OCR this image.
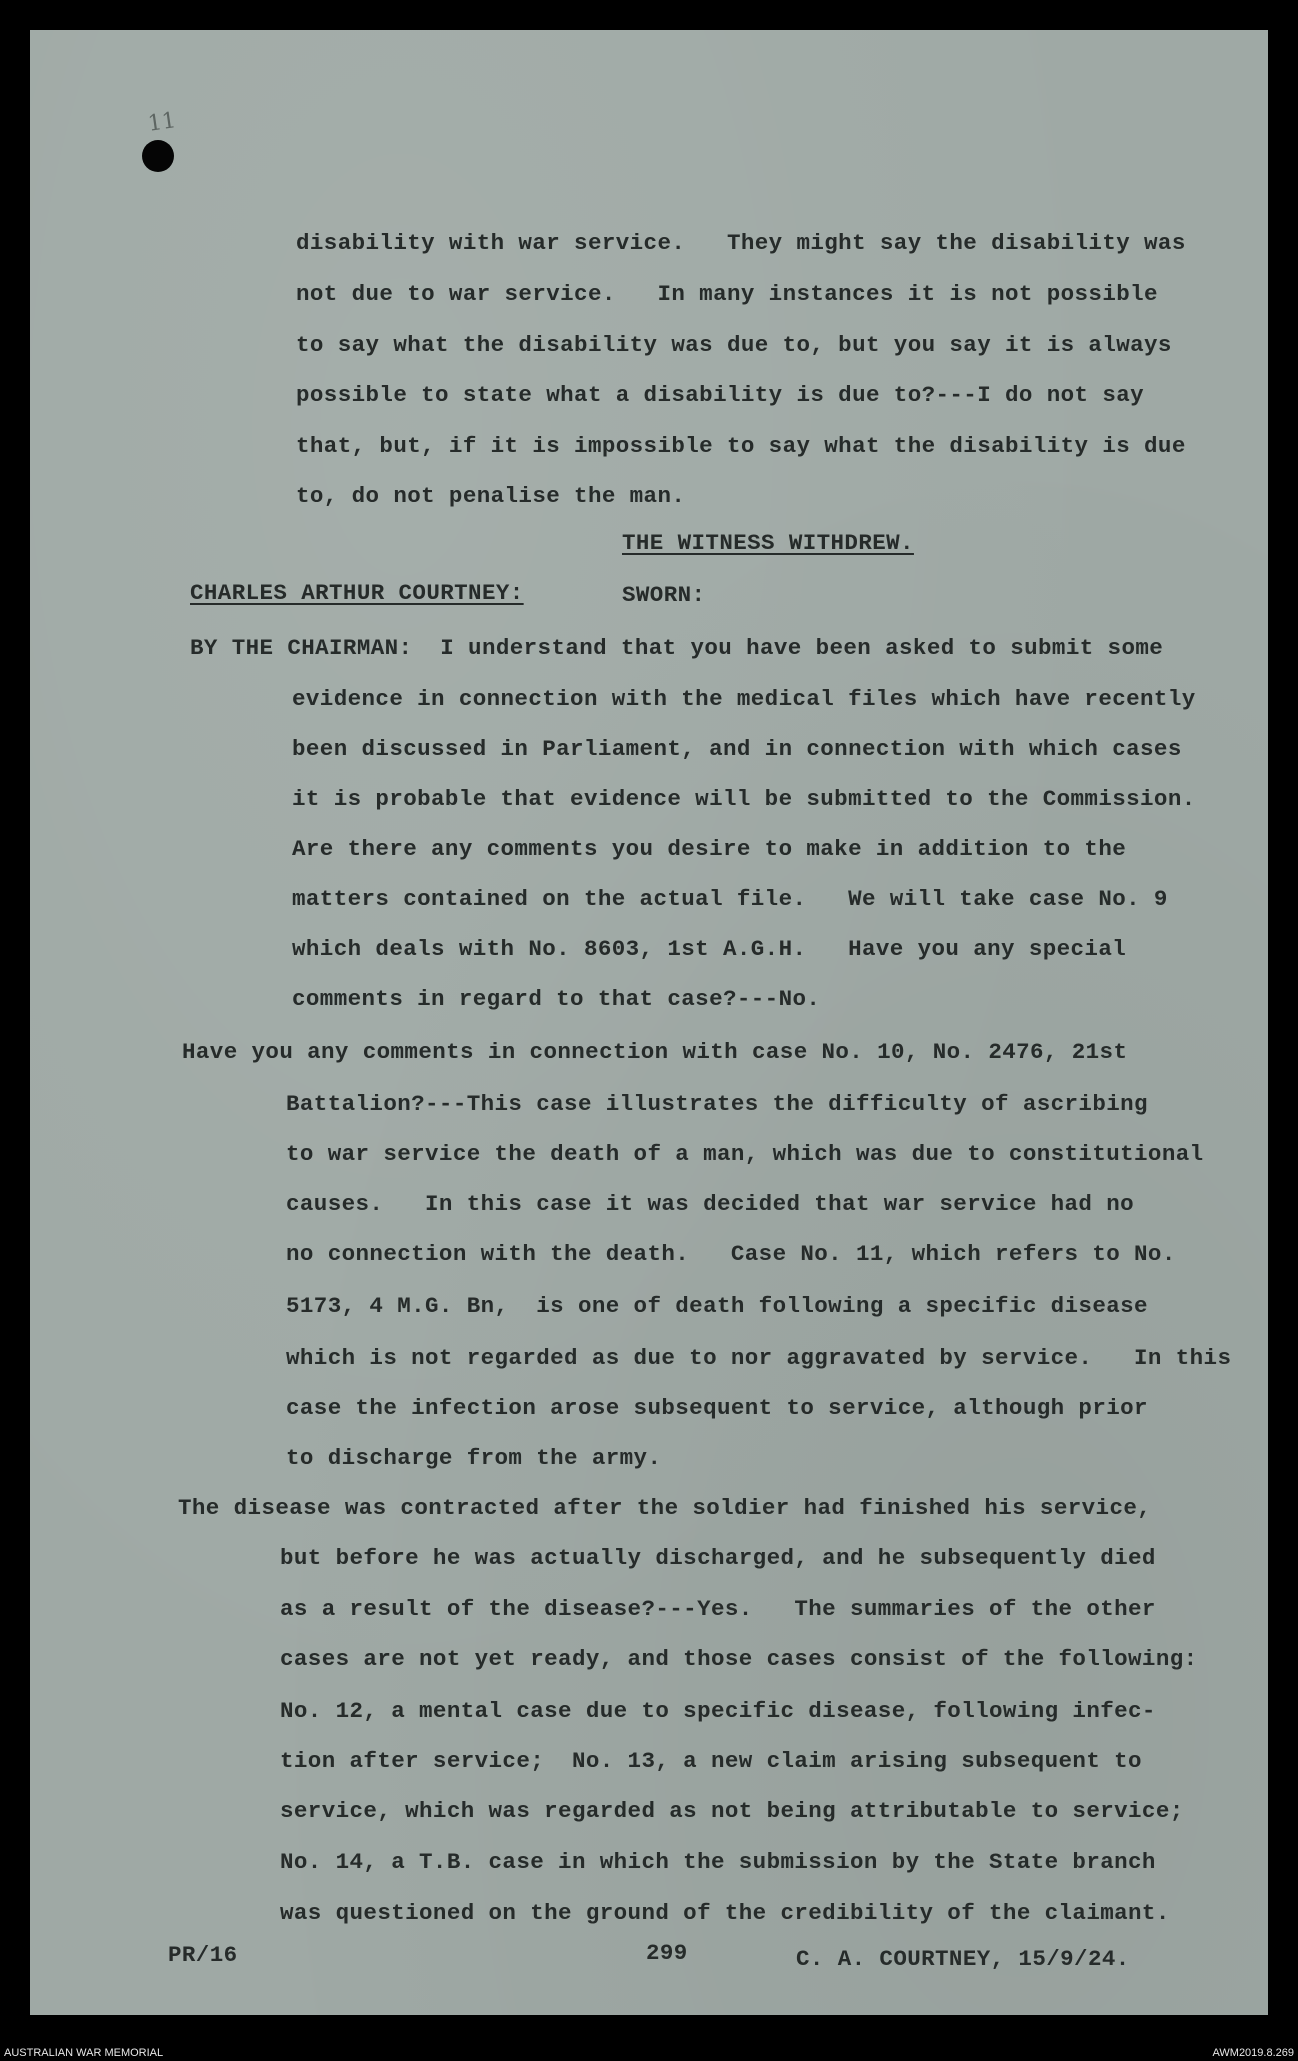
11
disability with war service.   They might say the disability was
not due to war service.   In many instances it is not possible
to say what the disability was due to, but you say it is always
possible to state what a disability is due to?---I do not say
that, but, if it is impossible to say what the disability is due
to, do not penalise the man.
THE WITNESS WITHDREW.
CHARLES ARTHUR COURTNEY:	SWORN:
BY THE CHAIRMAN:  I understand that you have been asked to submit some
evidence in connection with the medical files which have recently
been discussed in Parliament, and in connection with which cases
it is probable that evidence will be submitted to the Commission.
Are there any comments you desire to make in addition to the
matters contained on the actual file.   We will take case No. 9
which deals with No. 8603, 1st A.G.H.   Have you any special
comments in regard to that case?---No.
Have you any comments in connection with case No. 10, No. 2476, 21st
Battalion?---This case illustrates the difficulty of ascribing
to war service the death of a man, which was due to constitutional
causes.   In this case it was decided that war service had no
no connection with the death.   Case No. 11, which refers to No.
5173, 4 M.G. Bn,  is one of death following a specific disease
which is not regarded as due to nor aggravated by service.   In this
case the infection arose subsequent to service, although prior
to discharge from the army.
The disease was contracted after the soldier had finished his service,
but before he was actually discharged, and he subsequently died
as a result of the disease?---Yes.   The summaries of the other
cases are not yet ready, and those cases consist of the following:
No. 12, a mental case due to specific disease, following infec-
tion after service;  No. 13, a new claim arising subsequent to
service, which was regarded as not being attributable to service;
No. 14, a T.B. case in which the submission by the State branch
was questioned on the ground of the credibility of the claimant.
PR/16	299	C. A. COURTNEY, 15/9/24.
AUSTRALIAN WAR MEMORIAL	AWM2019.8.269
